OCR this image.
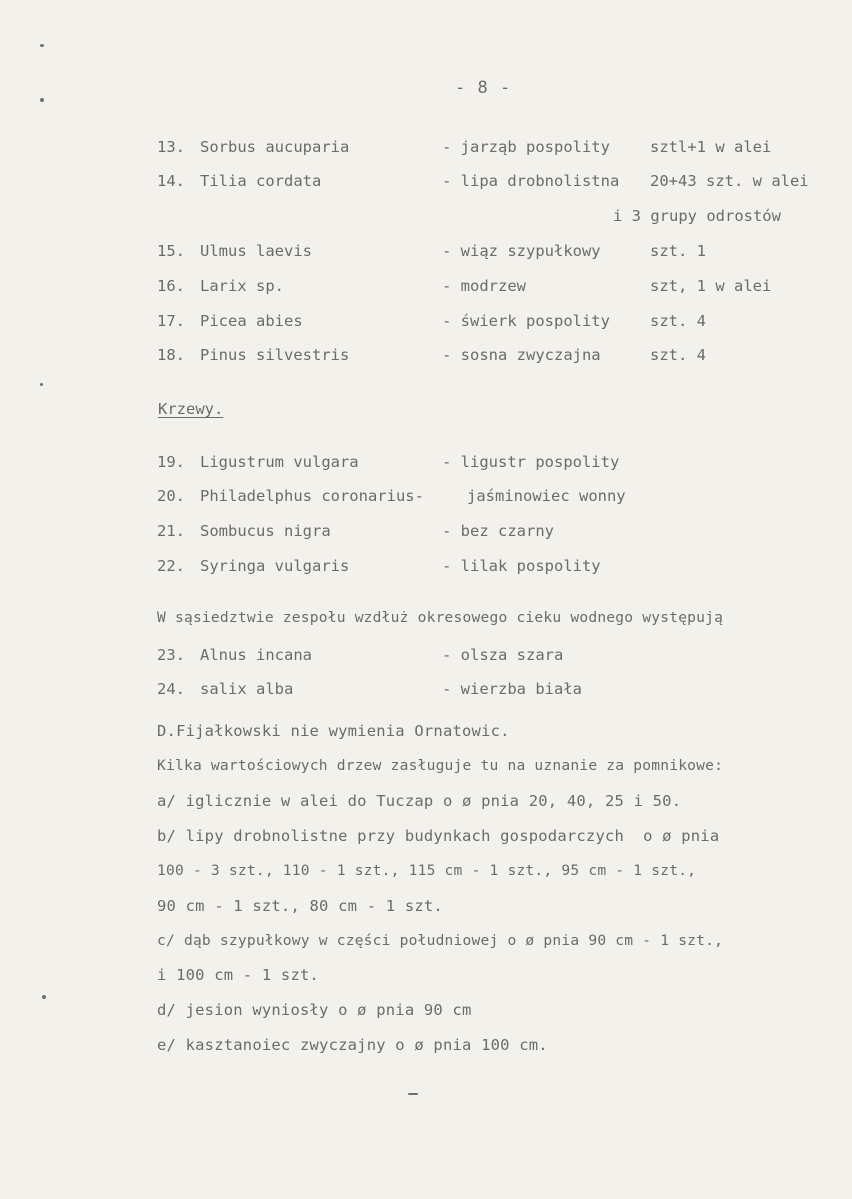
- 8 -
13. Sorbus aucuparia	- jarząb pospolity	sztl+1 w alei
14. Tilia cordata	- lipa drobnolistna 20+43 szt. w alei
i 3 grupy odrostów
15. Ulmus laevis	- wiąz szypułkowy	szt. 1
16. Larix sp.	- modrzew	szt, 1 w alei
17. Picea abies	- świerk pospolity	szt. 4
18. Pinus silvestris	- sosna zwyczajna	szt. 4
Krzewy.
19. Ligustrum vulgara	- ligustr pospolity
20. Philadelphus coronarius-	jaśminowiec wonny
21. Sombucus nigra	- bez czarny
22. Syringa vulgaris	- lilak pospolity
W sąsiedztwie zespołu wzdłuż okresowego cieku wodnego występują
23. Alnus incana	- olsza szara
24. salix alba	- wierzba biała
D.Fijałkowski nie wymienia Ornatowic.
Kilka wartościowych drzew zasługuje tu na uznanie za pomnikowe:
a/ iglicznie w alei do Tuczap o ø pnia 20, 40, 25 i 50.
b/ lipy drobnolistne przy budynkach gospodarczych  o ø pnia
100 - 3 szt., 110 - 1 szt., 115 cm - 1 szt., 95 cm - 1 szt.,
90 cm - 1 szt., 80 cm - 1 szt.
c/ dąb szypułkowy w części południowej o ø pnia 90 cm - 1 szt.,
i 100 cm - 1 szt.
d/ jesion wyniosły o ø pnia 90 cm
e/ kasztanoiec zwyczajny o ø pnia 100 cm.
